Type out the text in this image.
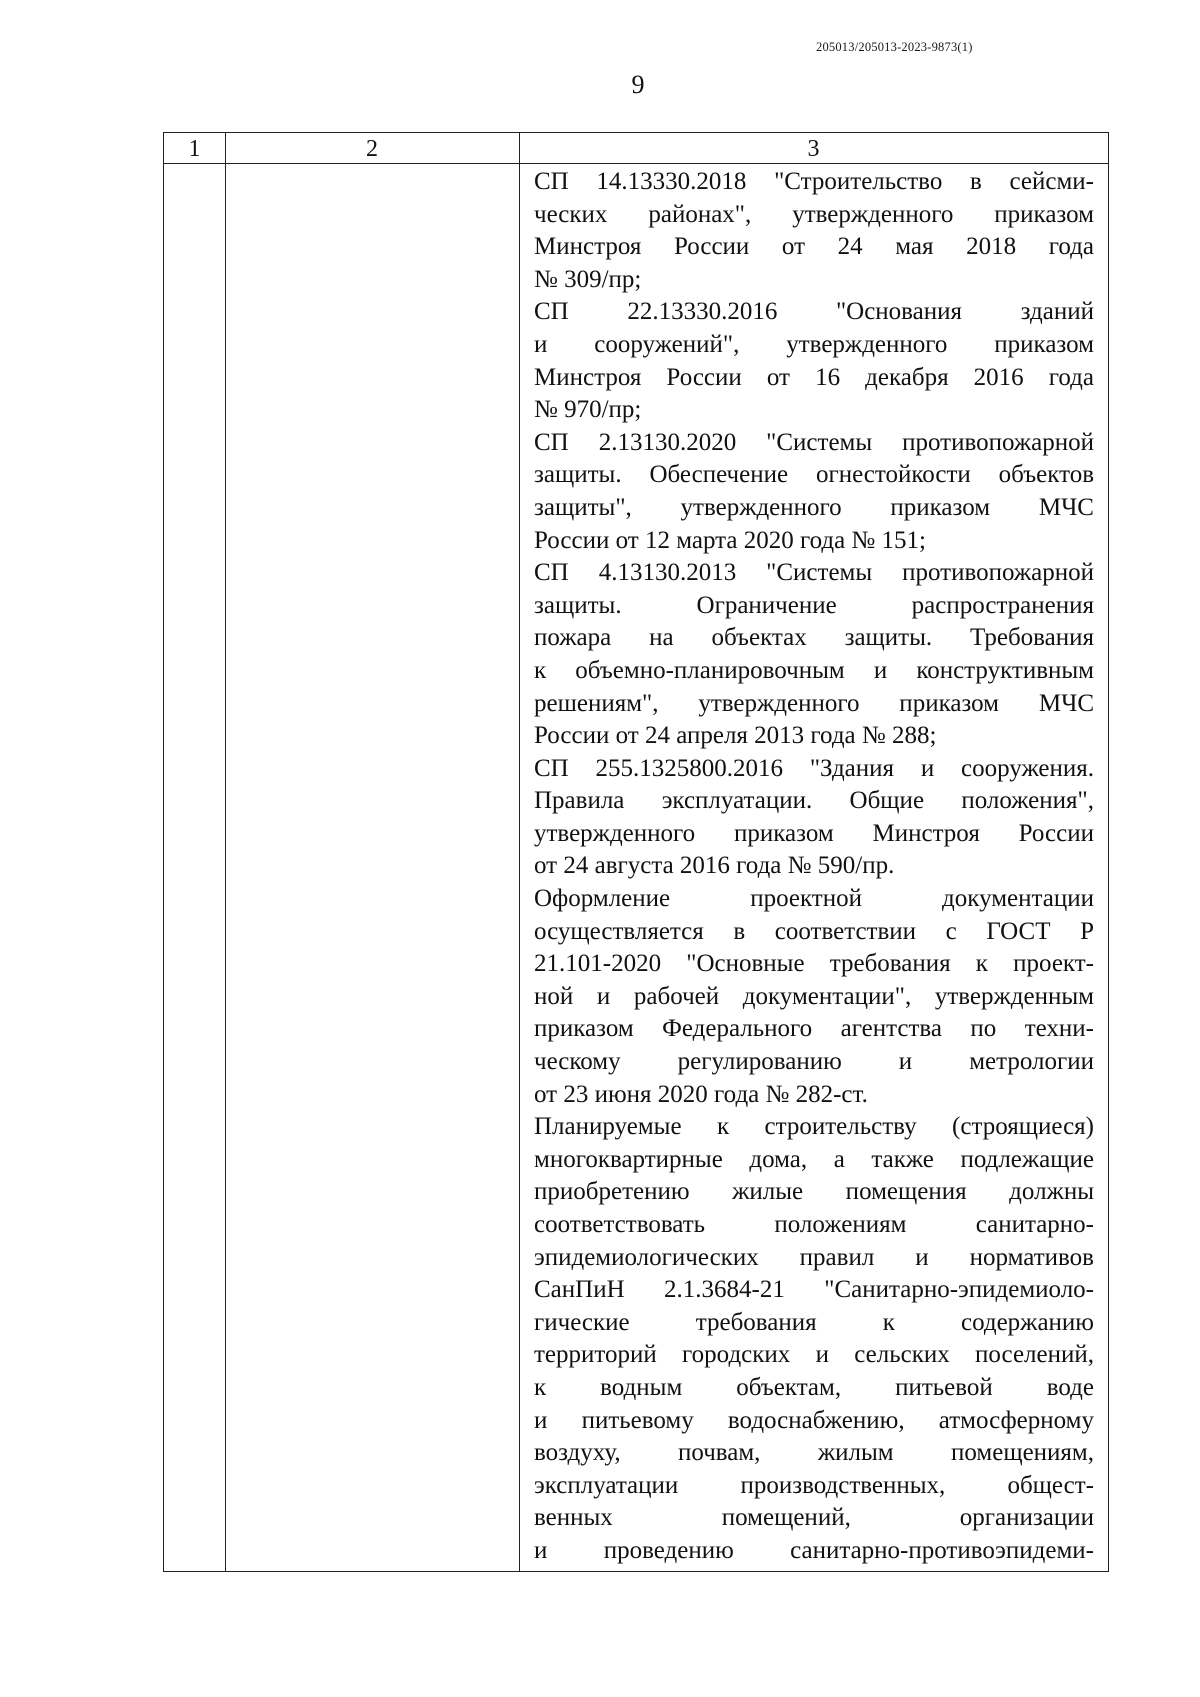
205013/205013-2023-9873(1)
9
1	2	3
СП 14.13330.2018 "Строительство в сейсми-
ческих районах", утвержденного приказом
Минстроя России от 24 мая 2018 года
№ 309/пр;
СП 22.13330.2016 "Основания зданий
и сооружений", утвержденного приказом
Минстроя России от 16 декабря 2016 года
№ 970/пр;
СП 2.13130.2020 "Системы противопожарной
защиты. Обеспечение огнестойкости объектов
защиты", утвержденного приказом МЧС
России от 12 марта 2020 года № 151;
СП 4.13130.2013 "Системы противопожарной
защиты. Ограничение распространения
пожара на объектах защиты. Требования
к объемно-планировочным и конструктивным
решениям", утвержденного приказом МЧС
России от 24 апреля 2013 года № 288;
СП 255.1325800.2016 "Здания и сооружения.
Правила эксплуатации. Общие положения",
утвержденного приказом Минстроя России
от 24 августа 2016 года № 590/пр.
Оформление проектной документации
осуществляется в соответствии с ГОСТ Р
21.101-2020 "Основные требования к проект-
ной и рабочей документации", утвержденным
приказом Федерального агентства по техни-
ческому регулированию и метрологии
от 23 июня 2020 года № 282-ст.
Планируемые к строительству (строящиеся)
многоквартирные дома, а также подлежащие
приобретению жилые помещения должны
соответствовать положениям санитарно-
эпидемиологических правил и нормативов
СанПиН 2.1.3684-21 "Санитарно-эпидемиоло-
гические требования к содержанию
территорий городских и сельских поселений,
к водным объектам, питьевой воде
и питьевому водоснабжению, атмосферному
воздуху, почвам, жилым помещениям,
эксплуатации производственных, общест-
венных помещений, организации
и проведению санитарно-противоэпидеми-
